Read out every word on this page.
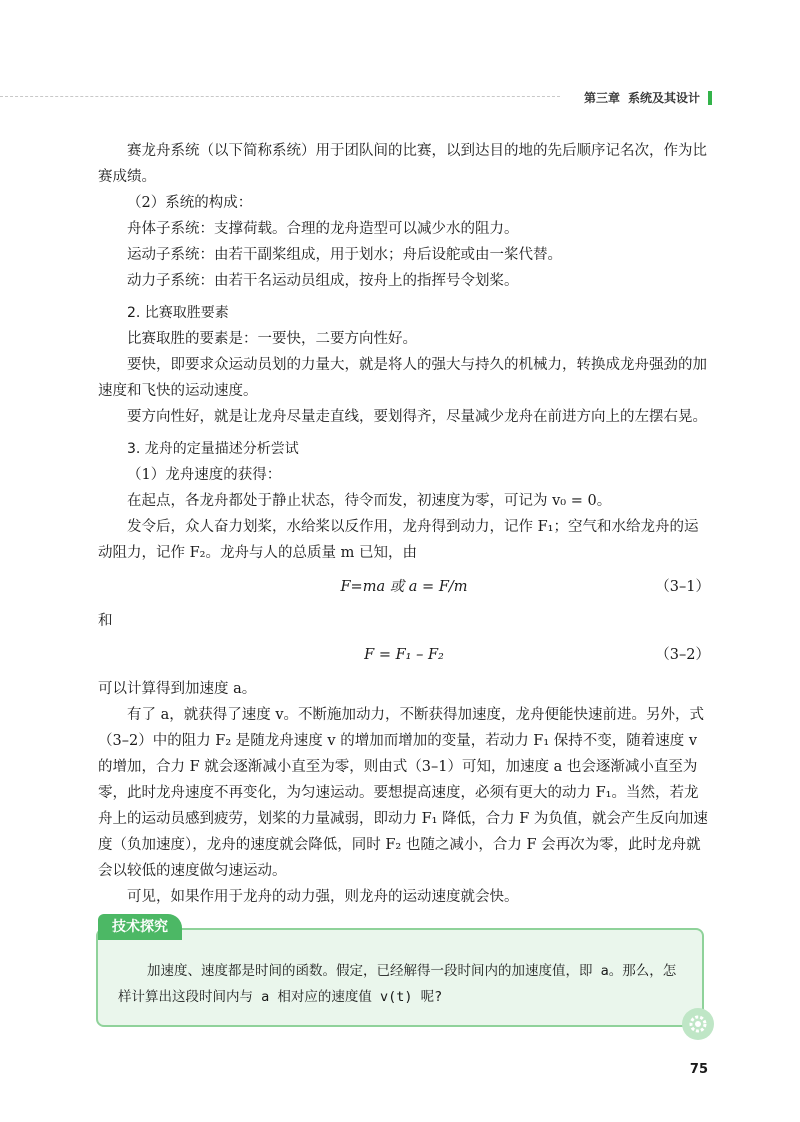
第三章 系统及其设计

赛龙舟系统（以下简称系统）用于团队间的比赛，以到达目的地的先后顺序记名次，作为比赛成绩。

（2）系统的构成：

舟体子系统：支撑荷载。合理的龙舟造型可以减少水的阻力。

运动子系统：由若干副桨组成，用于划水；舟后设舵或由一桨代替。

动力子系统：由若干名运动员组成，按舟上的指挥号令划桨。

2. 比赛取胜要素

比赛取胜的要素是：一要快，二要方向性好。

要快，即要求众运动员划的力量大，就是将人的强大与持久的机械力，转换成龙舟强劲的加速度和飞快的运动速度。

要方向性好，就是让龙舟尽量走直线，要划得齐，尽量减少龙舟在前进方向上的左摆右晃。

3. 龙舟的定量描述分析尝试

（1）龙舟速度的获得：

在起点，各龙舟都处于静止状态，待令而发，初速度为零，可记为 v₀ = 0。

发令后，众人奋力划桨，水给桨以反作用，龙舟得到动力，记作 F₁；空气和水给龙舟的运动阻力，记作 F₂。龙舟与人的总质量 m 已知，由

F=ma 或 a = F/m	（3–1）

和

F = F₁ – F₂	（3–2）

可以计算得到加速度 a。

有了 a，就获得了速度 v。不断施加动力，不断获得加速度，龙舟便能快速前进。另外，式（3–2）中的阻力 F₂ 是随龙舟速度 v 的增加而增加的变量，若动力 F₁ 保持不变，随着速度 v 的增加，合力 F 就会逐渐减小直至为零，则由式（3–1）可知，加速度 a 也会逐渐减小直至为零，此时龙舟速度不再变化，为匀速运动。要想提高速度，必须有更大的动力 F₁。当然，若龙舟上的运动员感到疲劳，划桨的力量减弱，即动力 F₁ 降低，合力 F 为负值，就会产生反向加速度（负加速度），龙舟的速度就会降低，同时 F₂ 也随之减小，合力 F 会再次为零，此时龙舟就会以较低的速度做匀速运动。

可见，如果作用于龙舟的动力强，则龙舟的运动速度就会快。

技术探究

加速度、速度都是时间的函数。假定，已经解得一段时间内的加速度值，即 a。那么，怎样计算出这段时间内与 a 相对应的速度值 v(t) 呢?

75
